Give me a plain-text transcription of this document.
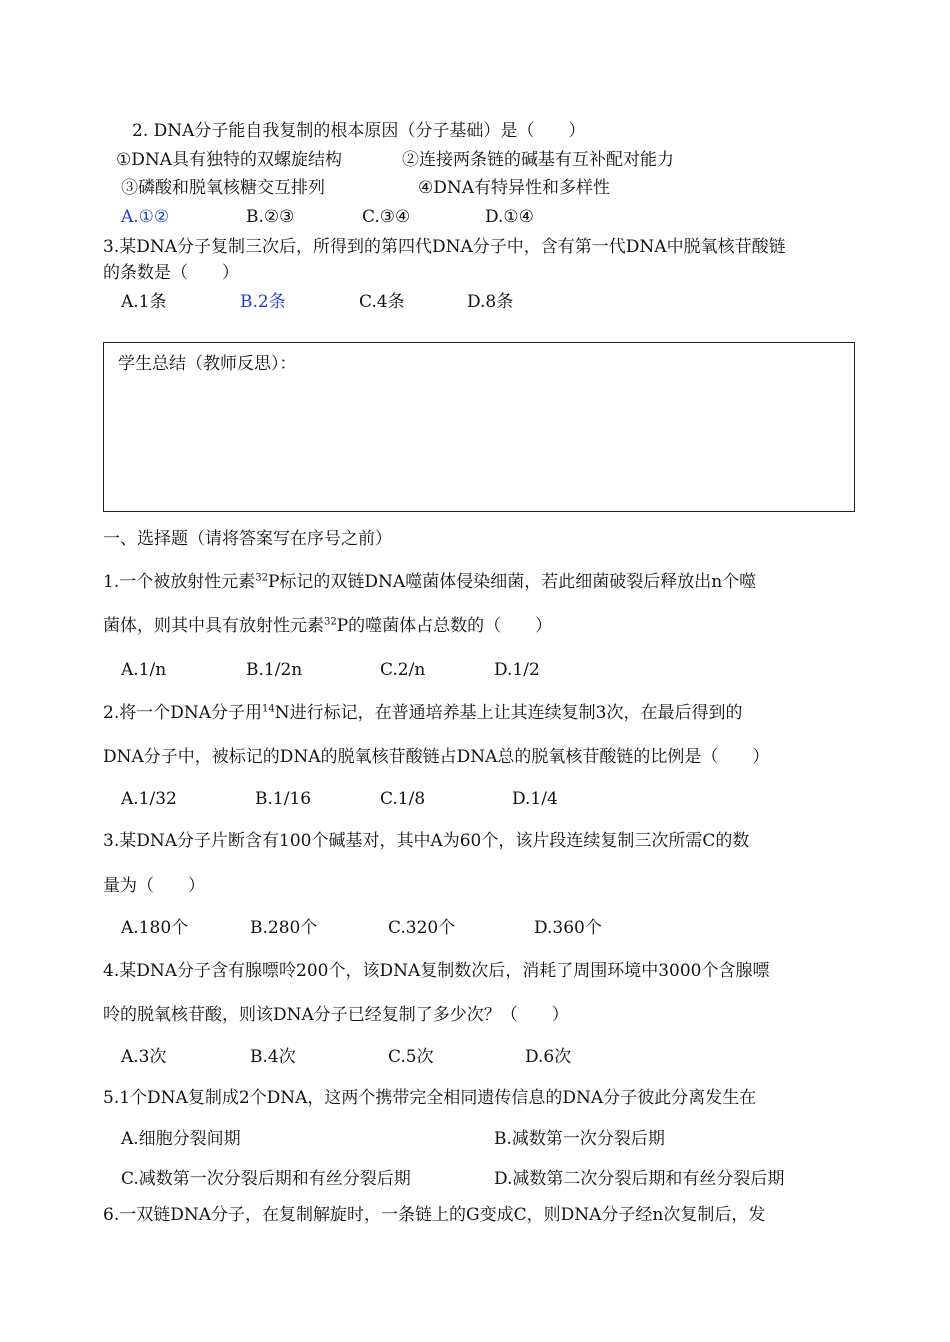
2. DNA分子能自我复制的根本原因（分子基础）是（　　）
①DNA具有独特的双螺旋结构	②连接两条链的碱基有互补配对能力
③磷酸和脱氧核糖交互排列	④DNA有特异性和多样性
A.①②	B.②③	C.③④	D.①④
3.某DNA分子复制三次后，所得到的第四代DNA分子中，含有第一代DNA中脱氧核苷酸链
的条数是（　　）
A.1条	B.2条	C.4条	D.8条
学生总结（教师反思）：
一、选择题（请将答案写在序号之前）
1.一个被放射性元素$^{32}$P标记的双链DNA噬菌体侵染细菌，若此细菌破裂后释放出n个噬
菌体，则其中具有放射性元素$^{32}$P的噬菌体占总数的（　　）
A.1/n	B.1/2n	C.2/n	D.1/2
2.将一个DNA分子用$^{14}$N进行标记，在普通培养基上让其连续复制3次，在最后得到的
DNA分子中，被标记的DNA的脱氧核苷酸链占DNA总的脱氧核苷酸链的比例是（　　）
A.1/32	B.1/16	C.1/8	D.1/4
3.某DNA分子片断含有100个碱基对，其中A为60个，该片段连续复制三次所需C的数
量为（　　）
A.180个	B.280个	C.320个	D.360个
4.某DNA分子含有腺嘌呤200个，该DNA复制数次后，消耗了周围环境中3000个含腺嘌
呤的脱氧核苷酸，则该DNA分子已经复制了多少次？（　　）
A.3次	B.4次	C.5次	D.6次
5.1个DNA复制成2个DNA，这两个携带完全相同遗传信息的DNA分子彼此分离发生在
A.细胞分裂间期	B.减数第一次分裂后期
C.减数第一次分裂后期和有丝分裂后期	D.减数第二次分裂后期和有丝分裂后期
6.一双链DNA分子，在复制解旋时，一条链上的G变成C，则DNA分子经n次复制后，发
